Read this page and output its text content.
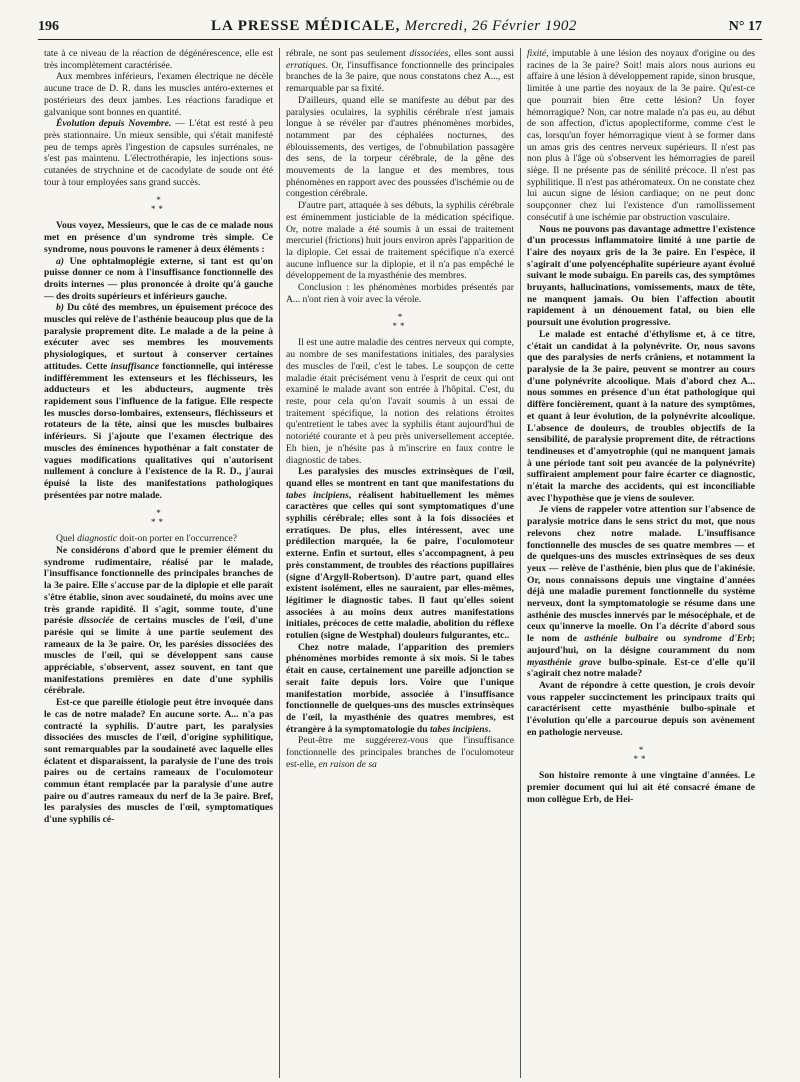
196	LA PRESSE MÉDICALE, Mercredi, 26 Février 1902	N° 17

tate à ce niveau de la réaction de dégénérescence, elle est très incomplètement caractérisée.

Aux membres inférieurs, l'examen électrique ne décèle aucune trace de D. R. dans les muscles antéro-externes et postérieurs des deux jambes. Les réactions faradique et galvanique sont bonnes en quantité.

Évolution depuis Novembre. — L'état est resté à peu près stationnaire. Un mieux sensible, qui s'était manifesté peu de temps après l'ingestion de capsules surrénales, ne s'est pas maintenu. L'électrothérapie, les injections sous-cutanées de strychnine et de cacodylate de soude ont été tour à tour employées sans grand succès.

*
**

Vous voyez, Messieurs, que le cas de ce malade nous met en présence d'un syndrome très simple. Ce syndrome, nous pouvons le ramener à deux éléments :

a) Une ophtalmoplégie externe, si tant est qu'on puisse donner ce nom à l'insuffisance fonctionnelle des droits internes — plus prononcée à droite qu'à gauche — des droits supérieurs et inférieurs gauche.

b) Du côté des membres, un épuisement précoce des muscles qui relève de l'asthénie beaucoup plus que de la paralysie proprement dite. Le malade a de la peine à exécuter avec ses membres les mouvements physiologiques, et surtout à conserver certaines attitudes. Cette insuffisance fonctionnelle, qui intéresse indifféremment les extenseurs et les fléchisseurs, les adducteurs et les abducteurs, augmente très rapidement sous l'influence de la fatigue. Elle respecte les muscles dorso-lombaires, extenseurs, fléchisseurs et rotateurs de la tête, ainsi que les muscles bulbaires inférieurs. Si j'ajoute que l'examen électrique des muscles des éminences hypothénar a fait constater de vagues modifications qualitatives qui n'autorisent nullement à conclure à l'existence de la R. D., j'aurai épuisé la liste des manifestations pathologiques présentées par notre malade.

*
**

Quel diagnostic doit-on porter en l'occurrence?

Ne considérons d'abord que le premier élément du syndrome rudimentaire, réalisé par le malade, l'insuffisance fonctionnelle des principales branches de la 3e paire. Elle s'accuse par de la diplopie et elle paraît s'être établie, sinon avec soudaineté, du moins avec une très grande rapidité. Il s'agit, somme toute, d'une parésie dissociée de certains muscles de l'œil, d'une parésie qui se limite à une partie seulement des rameaux de la 3e paire. Or, les parésies dissociées des muscles de l'œil, qui se développent sans cause appréciable, s'observent, assez souvent, en tant que manifestations premières en date d'une syphilis cérébrale.

Est-ce que pareille étiologie peut être invoquée dans le cas de notre malade? En aucune sorte. A... n'a pas contracté la syphilis. D'autre part, les paralysies dissociées des muscles de l'œil, d'origine syphilitique, sont remarquables par la soudaineté avec laquelle elles éclatent et disparaissent, la paralysie de l'une des trois paires ou de certains rameaux de l'oculomoteur commun étant remplacée par la paralysie d'une autre paire ou d'autres rameaux du nerf de la 3e paire. Bref, les paralysies des muscles de l'œil, symptomatiques d'une syphilis cé-

rébrale, ne sont pas seulement dissociées, elles sont aussi erratiques. Or, l'insuffisance fonctionnelle des principales branches de la 3e paire, que nous constatons chez A..., est remarquable par sa fixité.

D'ailleurs, quand elle se manifeste au début par des paralysies oculaires, la syphilis cérébrale n'est jamais longue à se révéler par d'autres phénomènes morbides, notamment par des céphalées nocturnes, des éblouissements, des vertiges, de l'obnubilation passagère des sens, de la torpeur cérébrale, de la gêne des mouvements de la langue et des membres, tous phénomènes en rapport avec des poussées d'ischémie ou de congestion cérébrale.

D'autre part, attaquée à ses débuts, la syphilis cérébrale est éminemment justiciable de la médication spécifique. Or, notre malade a été soumis à un essai de traitement mercuriel (frictions) huit jours environ après l'apparition de la diplopie. Cet essai de traitement spécifique n'a exercé aucune influence sur la diplopie, et il n'a pas empêché le développement de la myasthénie des membres.

Conclusion : les phénomènes morbides présentés par A... n'ont rien à voir avec la vérole.

*
**

Il est une autre maladie des centres nerveux qui compte, au nombre de ses manifestations initiales, des paralysies des muscles de l'œil, c'est le tabes. Le soupçon de cette maladie était précisément venu à l'esprit de ceux qui ont examiné le malade avant son entrée à l'hôpital. C'est, du reste, pour cela qu'on l'avait soumis à un essai de traitement spécifique, la notion des relations étroites qu'entretient le tabes avec la syphilis étant aujourd'hui de notoriété courante et à peu près universellement acceptée. Eh bien, je n'hésite pas à m'inscrire en faux contre le diagnostic de tabes.

Les paralysies des muscles extrinsèques de l'œil, quand elles se montrent en tant que manifestations du tabes incipiens, réalisent habituellement les mêmes caractères que celles qui sont symptomatiques d'une syphilis cérébrale; elles sont à la fois dissociées et erratiques. De plus, elles intéressent, avec une prédilection marquée, la 6e paire, l'oculomoteur externe. Enfin et surtout, elles s'accompagnent, à peu près constamment, de troubles des réactions pupillaires (signe d'Argyll-Robertson). D'autre part, quand elles existent isolément, elles ne sauraient, par elles-mêmes, légitimer le diagnostic tabes. Il faut qu'elles soient associées à au moins deux autres manifestations initiales, précoces de cette maladie, abolition du réflexe rotulien (signe de Westphal) douleurs fulgurantes, etc..

Chez notre malade, l'apparition des premiers phénomènes morbides remonte à six mois. Si le tabes était en cause, certainement une pareille adjonction se serait faite depuis lors. Voire que l'unique manifestation morbide, associée à l'insuffisance fonctionnelle de quelques-uns des muscles extrinsèques de l'œil, la myasthénie des quatres membres, est étrangère à la symptomatologie du tabes incipiens.

Peut-être me suggérerez-vous que l'insuffisance fonctionnelle des principales branches de l'oculomoteur est-elle, en raison de sa

fixité, imputable à une lésion des noyaux d'origine ou des racines de la 3e paire? Soit! mais alors nous aurions eu affaire à une lésion à développement rapide, sinon brusque, limitée à une partie des noyaux de la 3e paire. Qu'est-ce que pourrait bien être cette lésion? Un foyer hémorragique? Non, car notre malade n'a pas eu, au début de son affection, d'ictus apoplectiforme, comme c'est le cas, lorsqu'un foyer hémorragique vient à se former dans un amas gris des centres nerveux supérieurs. Il n'est pas non plus à l'âge où s'observent les hémorragies de pareil siège. Il ne présente pas de sénilité précoce. Il n'est pas syphilitique. Il n'est pas athéromateux. On ne constate chez lui aucun signe de lésion cardiaque; on ne peut donc soupçonner chez lui l'existence d'un ramollissement consécutif à une ischémie par obstruction vasculaire.

Nous ne pouvons pas davantage admettre l'existence d'un processus inflammatoire limité à une partie de l'aire des noyaux gris de la 3e paire. En l'espèce, il s'agirait d'une polyencéphalite supérieure ayant évolué suivant le mode subaigu. En pareils cas, des symptômes bruyants, hallucinations, vomissements, maux de tête, ne manquent jamais. Ou bien l'affection aboutit rapidement à un dénouement fatal, ou bien elle poursuit une évolution progressive.

Le malade est entaché d'éthylisme et, à ce titre, c'était un candidat à la polynévrite. Or, nous savons que des paralysies de nerfs crâniens, et notamment la paralysie de la 3e paire, peuvent se montrer au cours d'une polynévrite alcoolique. Mais d'abord chez A... nous sommes en présence d'un état pathologique qui diffère foncièrement, quant à la nature des symptômes, et quant à leur évolution, de la polynévrite alcoolique. L'absence de douleurs, de troubles objectifs de la sensibilité, de paralysie proprement dite, de rétractions tendineuses et d'amyotrophie (qui ne manquent jamais à une période tant soit peu avancée de la polynévrite) suffiraient amplement pour faire écarter ce diagnostic, n'était la marche des accidents, qui est inconciliable avec l'hypothèse que je viens de soulever.

Je viens de rappeler votre attention sur l'absence de paralysie motrice dans le sens strict du mot, que nous relevons chez notre malade. L'insuffisance fonctionnelle des muscles de ses quatre membres — et de quelques-uns des muscles extrinsèques de ses deux yeux — relève de l'asthénie, bien plus que de l'akinésie. Or, nous connaissons depuis une vingtaine d'années déjà une maladie purement fonctionnelle du système nerveux, dont la symptomatologie se résume dans une asthénie des muscles innervés par le mésocéphale, et de ceux qu'innerve la moelle. On l'a décrite d'abord sous le nom de asthénie bulbaire ou syndrome d'Erb; aujourd'hui, on la désigne couramment du nom myasthénie grave bulbo-spinale. Est-ce d'elle qu'il s'agirait chez notre malade?

Avant de répondre à cette question, je crois devoir vous rappeler succinctement les principaux traits qui caractérisent cette myasthénie bulbo-spinale et l'évolution qu'elle a parcourue depuis son avènement en pathologie nerveuse.

*
**

Son histoire remonte à une vingtaine d'années. Le premier document qui lui ait été consacré émane de mon collègue Erb, de Hei-
